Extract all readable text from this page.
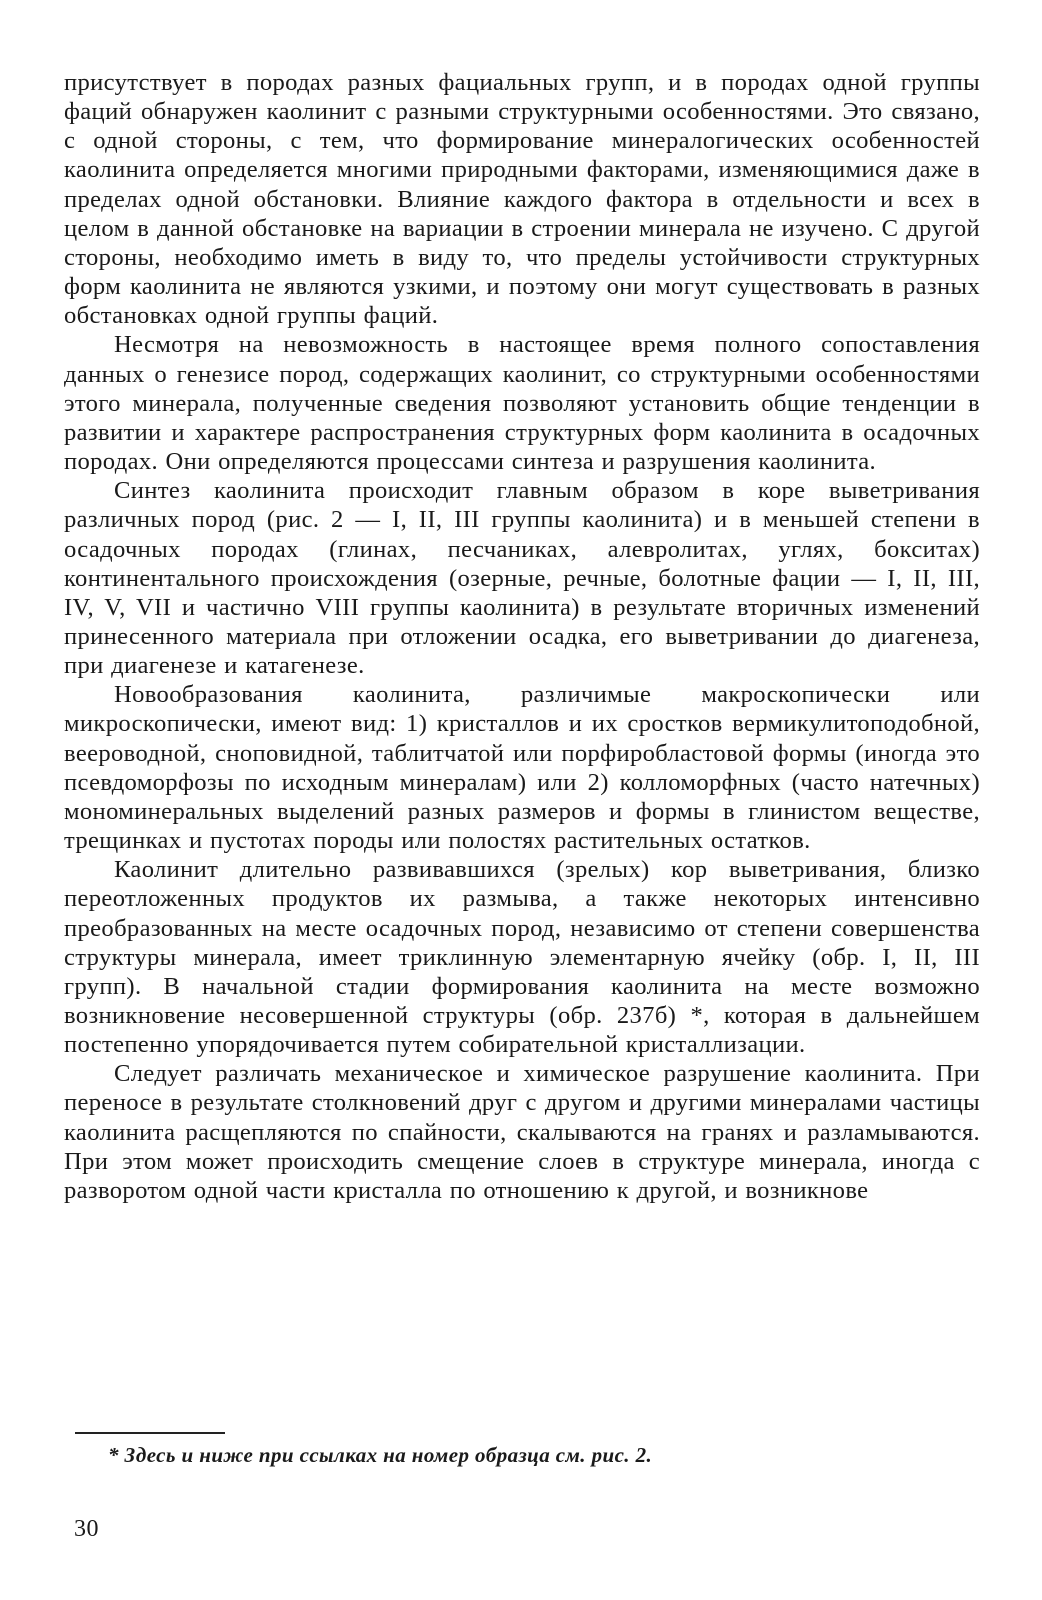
присутствует в породах разных фациальных групп, и в породах одной группы фаций обнаружен каолинит с разными структурными особенностями. Это связано, с одной стороны, с тем, что формирование минералогических особенностей каолинита определяется многими природными факторами, изменяющимися даже в пределах одной обстановки. Влияние каждого фактора в отдельности и всех в целом в данной обстановке на вариации в строении минерала не изучено. С другой стороны, необходимо иметь в виду то, что пределы устойчивости структурных форм каолинита не являются узкими, и поэтому они могут существовать в разных обстановках одной группы фаций.

Несмотря на невозможность в настоящее время полного сопоставления данных о генезисе пород, содержащих каолинит, со структурными особенностями этого минерала, полученные сведения позволяют установить общие тенденции в развитии и характере распространения структурных форм каолинита в осадочных породах. Они определяются процессами синтеза и разрушения каолинита.

Синтез каолинита происходит главным образом в коре выветривания различных пород (рис. 2 — I, II, III группы каолинита) и в меньшей степени в осадочных породах (глинах, песчаниках, алевролитах, углях, бокситах) континентального происхождения (озерные, речные, болотные фации — I, II, III, IV, V, VII и частично VIII группы каолинита) в результате вторичных изменений принесенного материала при отложении осадка, его выветривании до диагенеза, при диагенезе и катагенезе.

Новообразования каолинита, различимые макроскопически или микроскопически, имеют вид: 1) кристаллов и их сростков вермикулитоподобной, веероводной, сноповидной, таблитчатой или порфиробластовой формы (иногда это псевдоморфозы по исходным минералам) или 2) колломорфных (часто натечных) мономинеральных выделений разных размеров и формы в глинистом веществе, трещинках и пустотах породы или полостях растительных остатков.

Каолинит длительно развивавшихся (зрелых) кор выветривания, близко переотложенных продуктов их размыва, а также некоторых интенсивно преобразованных на месте осадочных пород, независимо от степени совершенства структуры минерала, имеет триклинную элементарную ячейку (обр. I, II, III групп). В начальной стадии формирования каолинита на месте возможно возникновение несовершенной структуры (обр. 237б) *, которая в дальнейшем постепенно упорядочивается путем собирательной кристаллизации.

Следует различать механическое и химическое разрушение каолинита. При переносе в результате столкновений друг с другом и другими минералами частицы каолинита расщепляются по спайности, скалываются на гранях и разламываются. При этом может происходить смещение слоев в структуре минерала, иногда с разворотом одной части кристалла по отношению к другой, и возникнове

* Здесь и ниже при ссылках на номер образца см. рис. 2.
30
